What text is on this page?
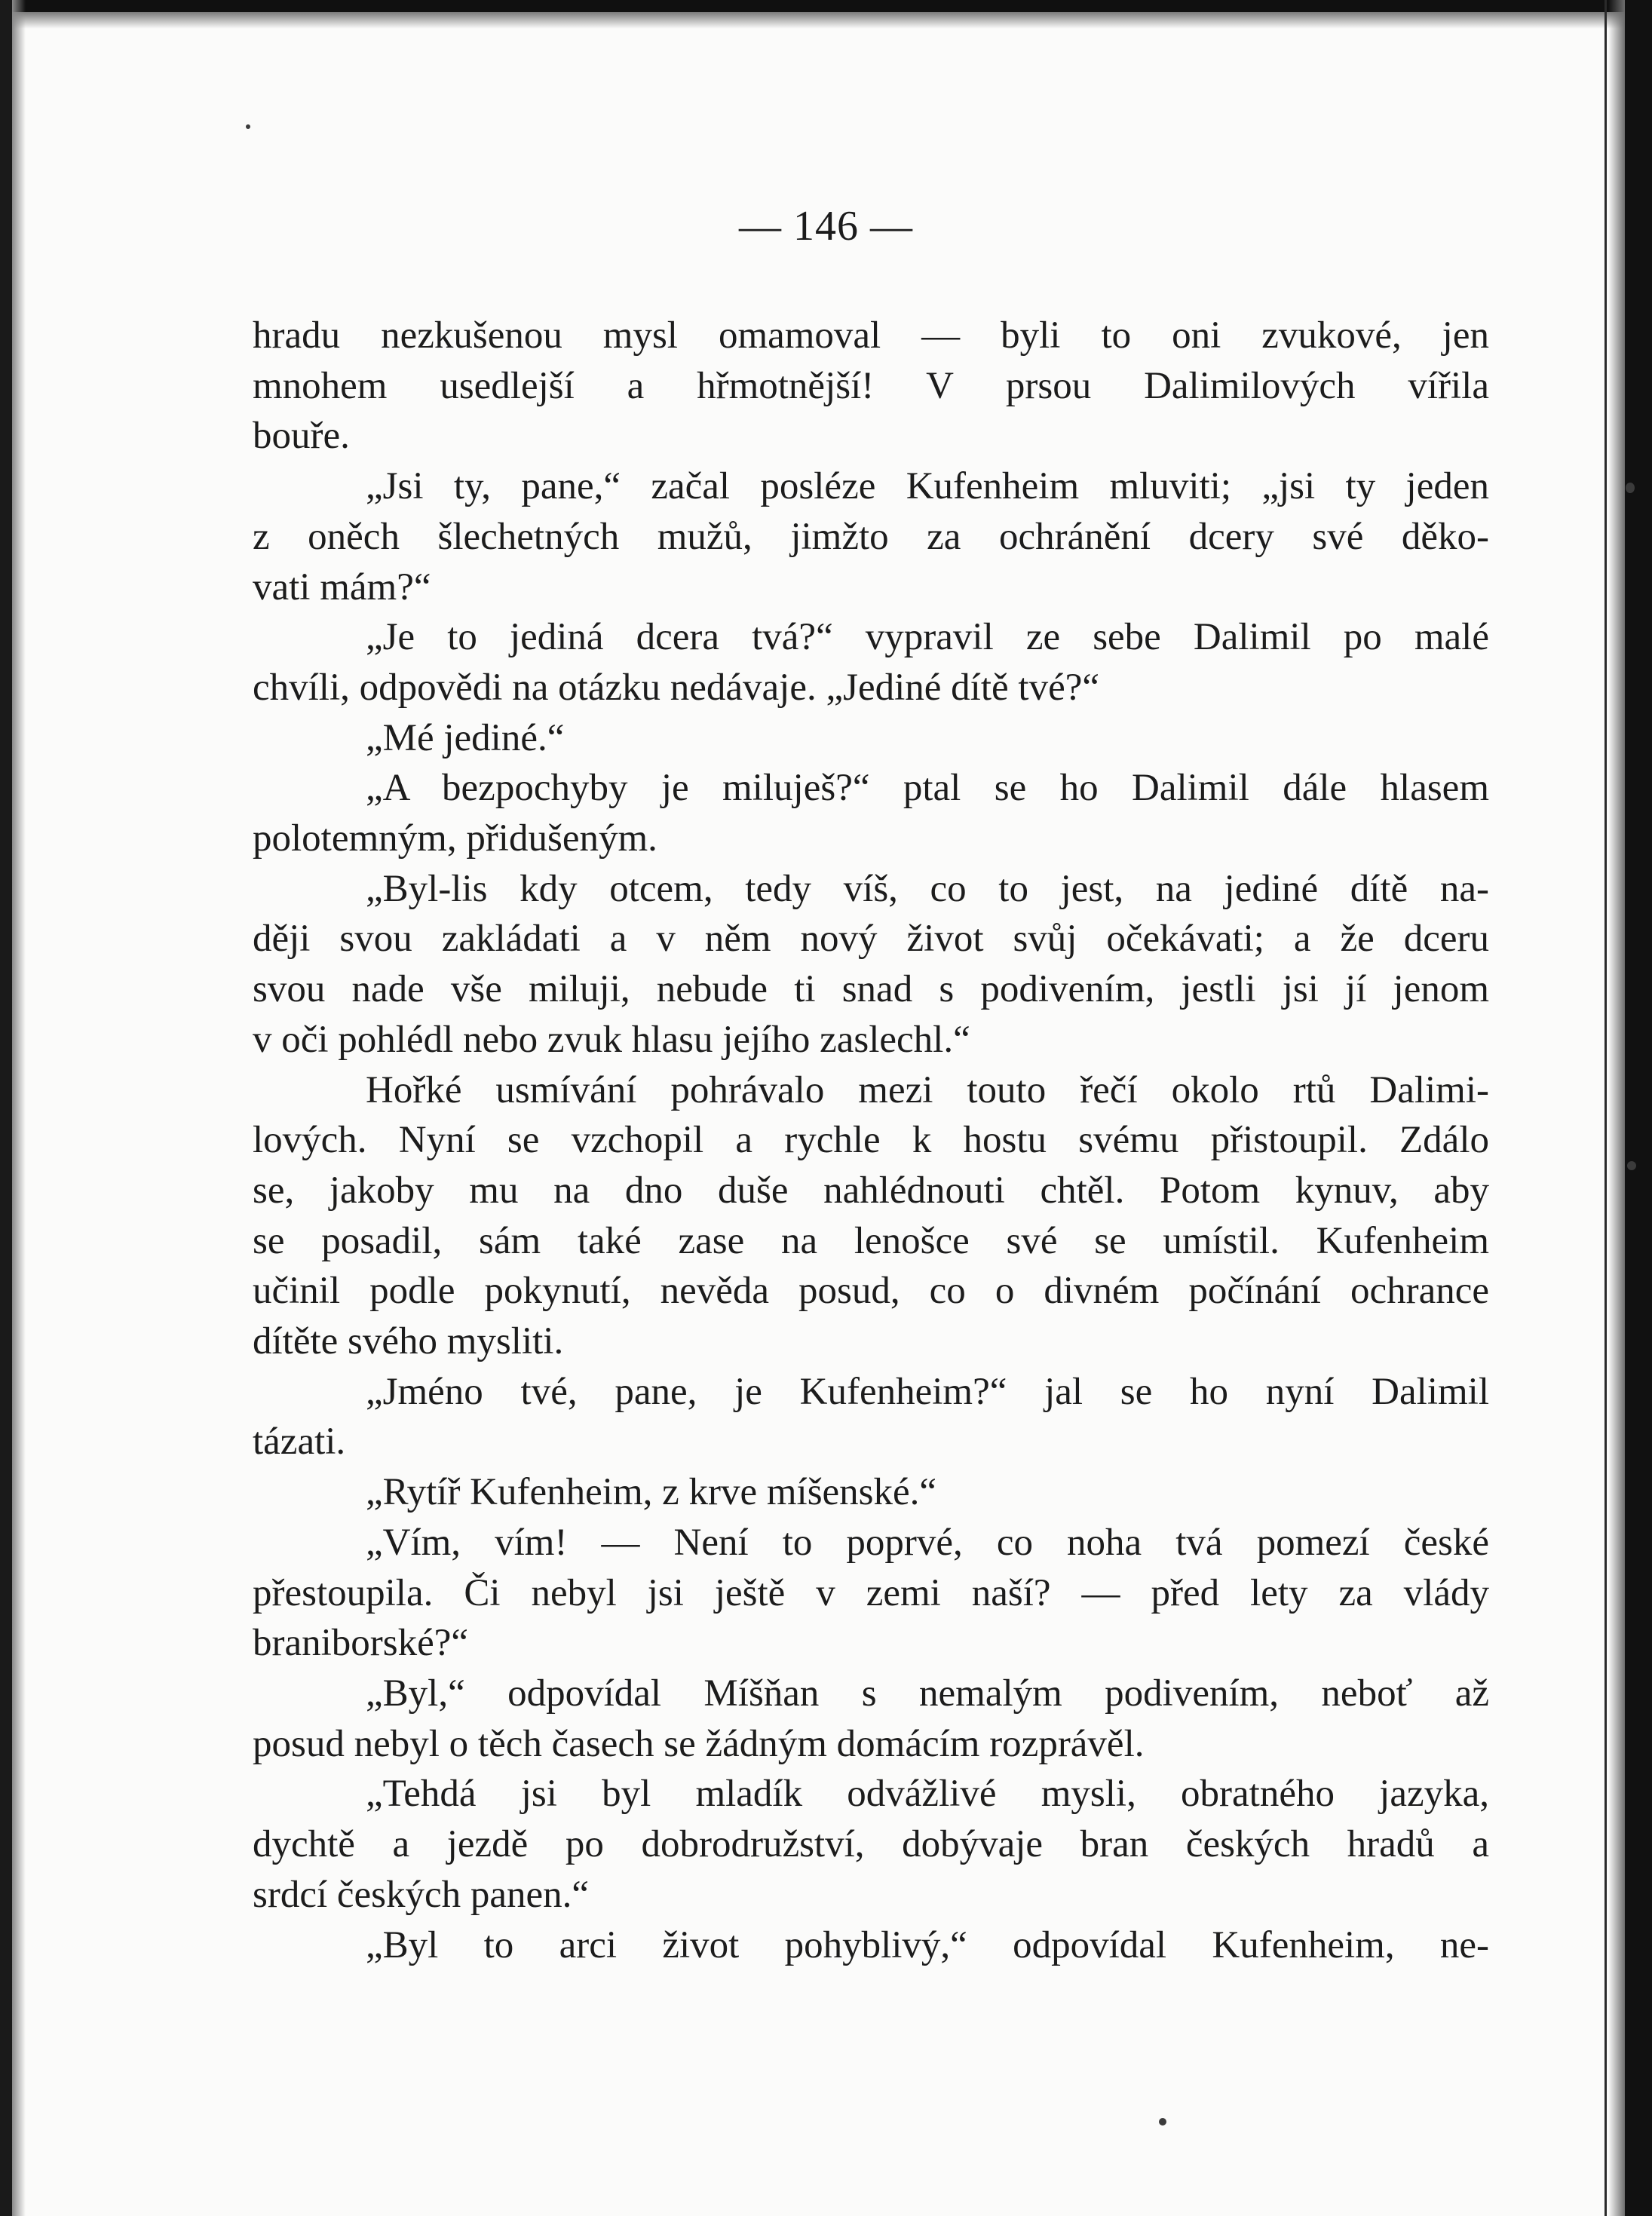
— 146 —
hradu nezkušenou mysl omamoval — byli to oni zvukové, jen
mnohem usedlejší a hřmotnější! V prsou Dalimilových vířila
bouře.
„Jsi ty, pane,“ začal posléze Kufenheim mluviti; „jsi ty jeden
z oněch šlechetných mužů, jimžto za ochránění dcery své děko-
vati mám?“
„Je to jediná dcera tvá?“ vypravil ze sebe Dalimil po malé
chvíli, odpovědi na otázku nedávaje. „Jediné dítě tvé?“
„Mé jediné.“
„A bezpochyby je miluješ?“ ptal se ho Dalimil dále hlasem
polotemným, přidušeným.
„Byl-lis kdy otcem, tedy víš, co to jest, na jediné dítě na-
ději svou zakládati a v něm nový život svůj očekávati; a že dceru
svou nade vše miluji, nebude ti snad s podivením, jestli jsi jí jenom
v oči pohlédl nebo zvuk hlasu jejího zaslechl.“
Hořké usmívání pohrávalo mezi touto řečí okolo rtů Dalimi-
lových. Nyní se vzchopil a rychle k hostu svému přistoupil. Zdálo
se, jakoby mu na dno duše nahlédnouti chtěl. Potom kynuv, aby
se posadil, sám také zase na lenošce své se umístil. Kufenheim
učinil podle pokynutí, nevěda posud, co o divném počínání ochrance
dítěte svého mysliti.
„Jméno tvé, pane, je Kufenheim?“ jal se ho nyní Dalimil
tázati.
„Rytíř Kufenheim, z krve míšenské.“
„Vím, vím! — Není to poprvé, co noha tvá pomezí české
přestoupila. Či nebyl jsi ještě v zemi naší? — před lety za vlády
braniborské?“
„Byl,“ odpovídal Míšňan s nemalým podivením, neboť až
posud nebyl o těch časech se žádným domácím rozprávěl.
„Tehdá jsi byl mladík odvážlivé mysli, obratného jazyka,
dychtě a jezdě po dobrodružství, dobývaje bran českých hradů a
srdcí českých panen.“
„Byl to arci život pohyblivý,“ odpovídal Kufenheim, ne-
